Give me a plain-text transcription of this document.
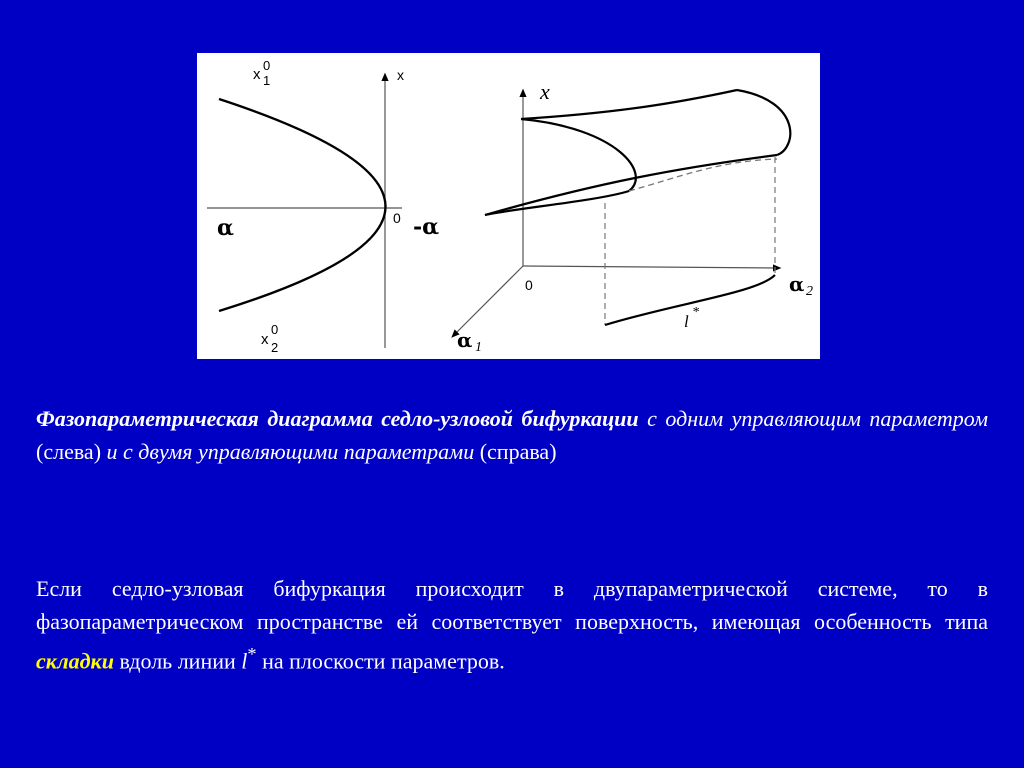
x
0
1	x
α	0 -α
x
0
2
x
0	α 2
l *
α 1
Фазопараметрическая диаграмма седло-узловой бифуркации с одним управляющим параметром (слева) и с двумя управляющими параметрами (справа)
Если седло-узловая бифуркация происходит в двупараметрической системе, то в фазопараметрическом пространстве ей соответствует поверхность, имеющая особенность типа складки вдоль линии l* на плоскости параметров.
